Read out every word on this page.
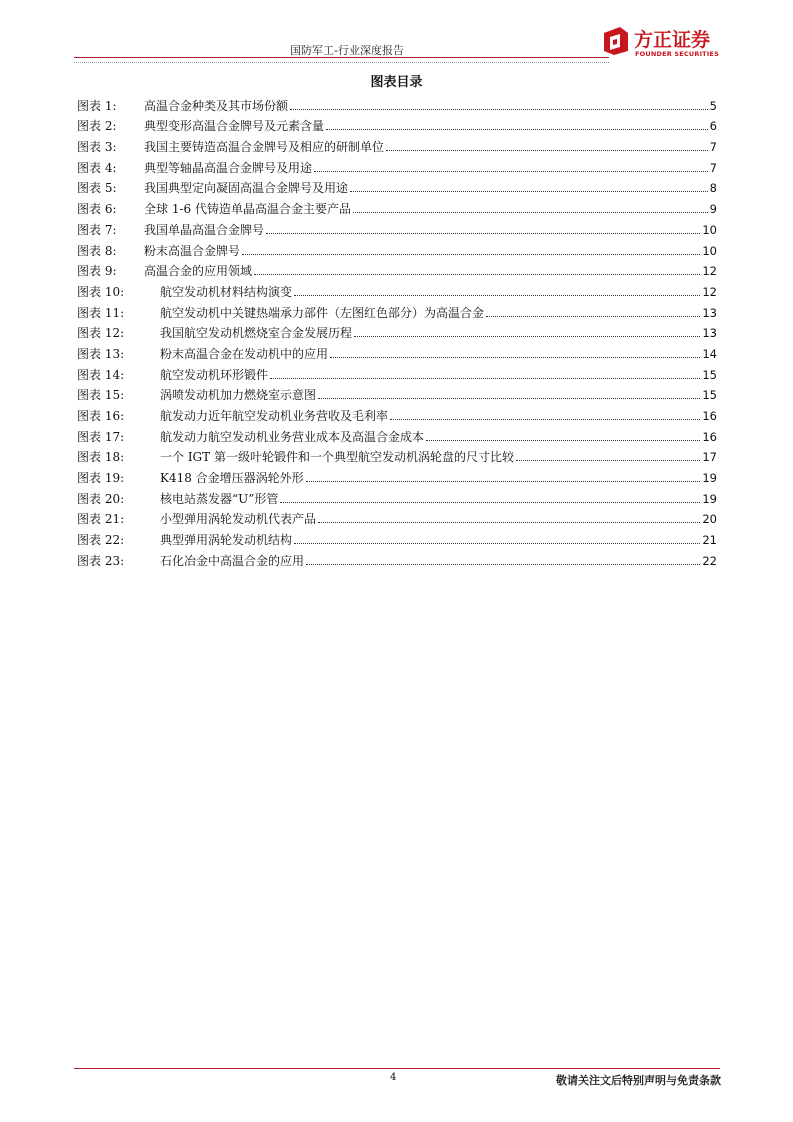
国防军工-行业深度报告	方正证券
FOUNDER SECURITIES
图表目录
图表 1:	高温合金种类及其市场份额	5
图表 2:	典型变形高温合金牌号及元素含量	6
图表 3:	我国主要铸造高温合金牌号及相应的研制单位	7
图表 4:	典型等轴晶高温合金牌号及用途	7
图表 5:	我国典型定向凝固高温合金牌号及用途	8
图表 6:	全球 1-6 代铸造单晶高温合金主要产品	9
图表 7:	我国单晶高温合金牌号	10
图表 8:	粉末高温合金牌号	10
图表 9:	高温合金的应用领域	12
图表 10:	航空发动机材料结构演变	12
图表 11:	航空发动机中关键热端承力部件（左图红色部分）为高温合金	13
图表 12:	我国航空发动机燃烧室合金发展历程	13
图表 13:	粉末高温合金在发动机中的应用	14
图表 14:	航空发动机环形锻件	15
图表 15:	涡喷发动机加力燃烧室示意图	15
图表 16:	航发动力近年航空发动机业务营收及毛利率	16
图表 17:	航发动力航空发动机业务营业成本及高温合金成本	16
图表 18:	一个 IGT 第一级叶轮锻件和一个典型航空发动机涡轮盘的尺寸比较	17
图表 19:	K418 合金增压器涡轮外形	19
图表 20:	核电站蒸发器“U”形管	19
图表 21:	小型弹用涡轮发动机代表产品	20
图表 22:	典型弹用涡轮发动机结构	21
图表 23:	石化冶金中高温合金的应用	22
4	敬请关注文后特别声明与免责条款
